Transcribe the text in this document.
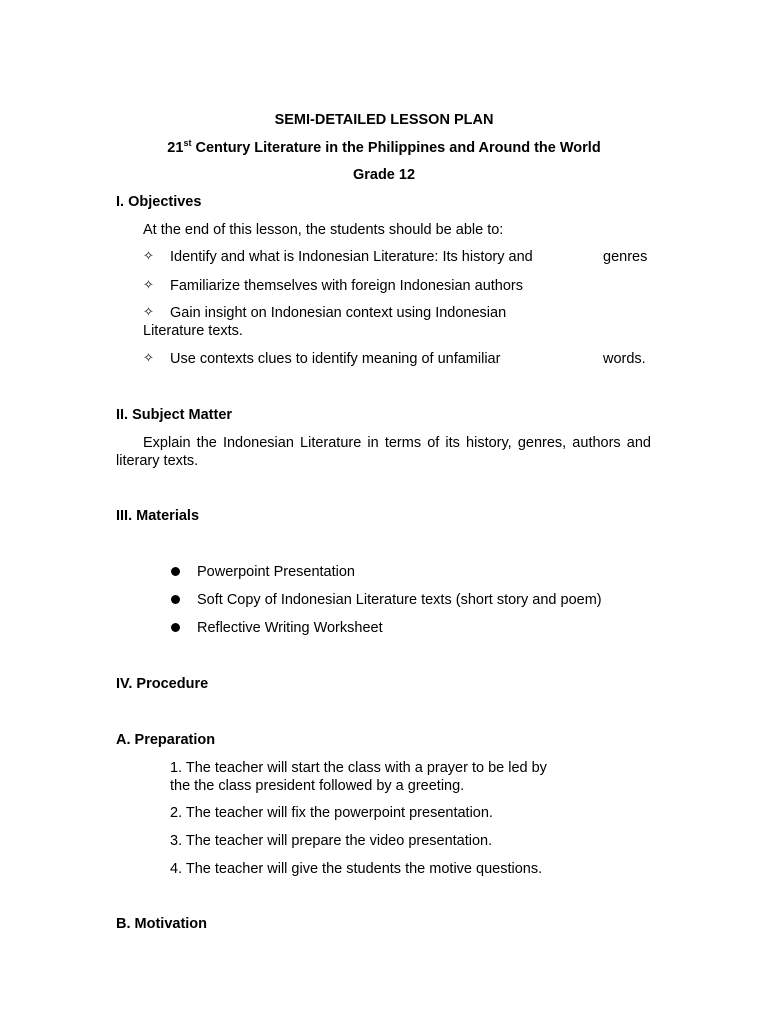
SEMI-DETAILED LESSON PLAN
21st Century Literature in the Philippines and Around the World
Grade 12
I. Objectives
At the end of this lesson, the students should be able to:
✧ Identify and what is Indonesian Literature: Its history and	genres
✧ Familiarize themselves with foreign Indonesian authors
✧ Gain insight on Indonesian context using Indonesian
Literature texts.
✧ Use contexts clues to identify meaning of unfamiliar	words.
II. Subject Matter
Explain the Indonesian Literature in terms of its history, genres, authors and literary texts.
III. Materials
Powerpoint Presentation
Soft Copy of Indonesian Literature texts (short story and poem)
Reflective Writing Worksheet
IV. Procedure
A. Preparation
1. The teacher will start the class with a prayer to be led by
the the class president followed by a greeting.
2. The teacher will fix the powerpoint presentation.
3. The teacher will prepare the video presentation.
4. The teacher will give the students the motive questions.
B. Motivation
